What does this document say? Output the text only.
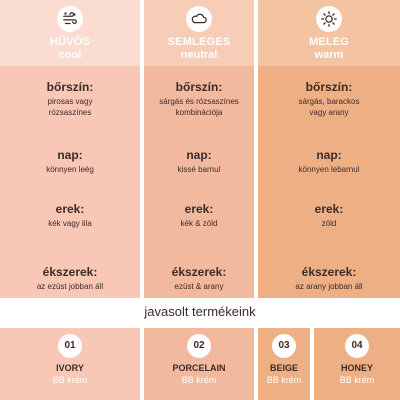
HŰVÖS
cool
bőrszín:
pirosas vagy
rózsaszínes
nap:
könnyen leég
erek:
kék vagy lila
ékszerek:
az ezüst jobban áll
SEMLEGES
neutral
bőrszín:
sárgás és rózsaszínes
kombinációja
nap:
kissé barnul
erek:
kék & zöld
ékszerek:
ezüst & arany
MELEG
warm
bőrszín:
sárgás, barackos
vagy arany
nap:
könnyen lebarnul
erek:
zöld
ékszerek:
az arany jobban áll
javasolt termékeink
01
IVORY
BB krém
02
PORCELAIN
BB krém
03
BEIGE
BB krém
04
HONEY
BB krém
